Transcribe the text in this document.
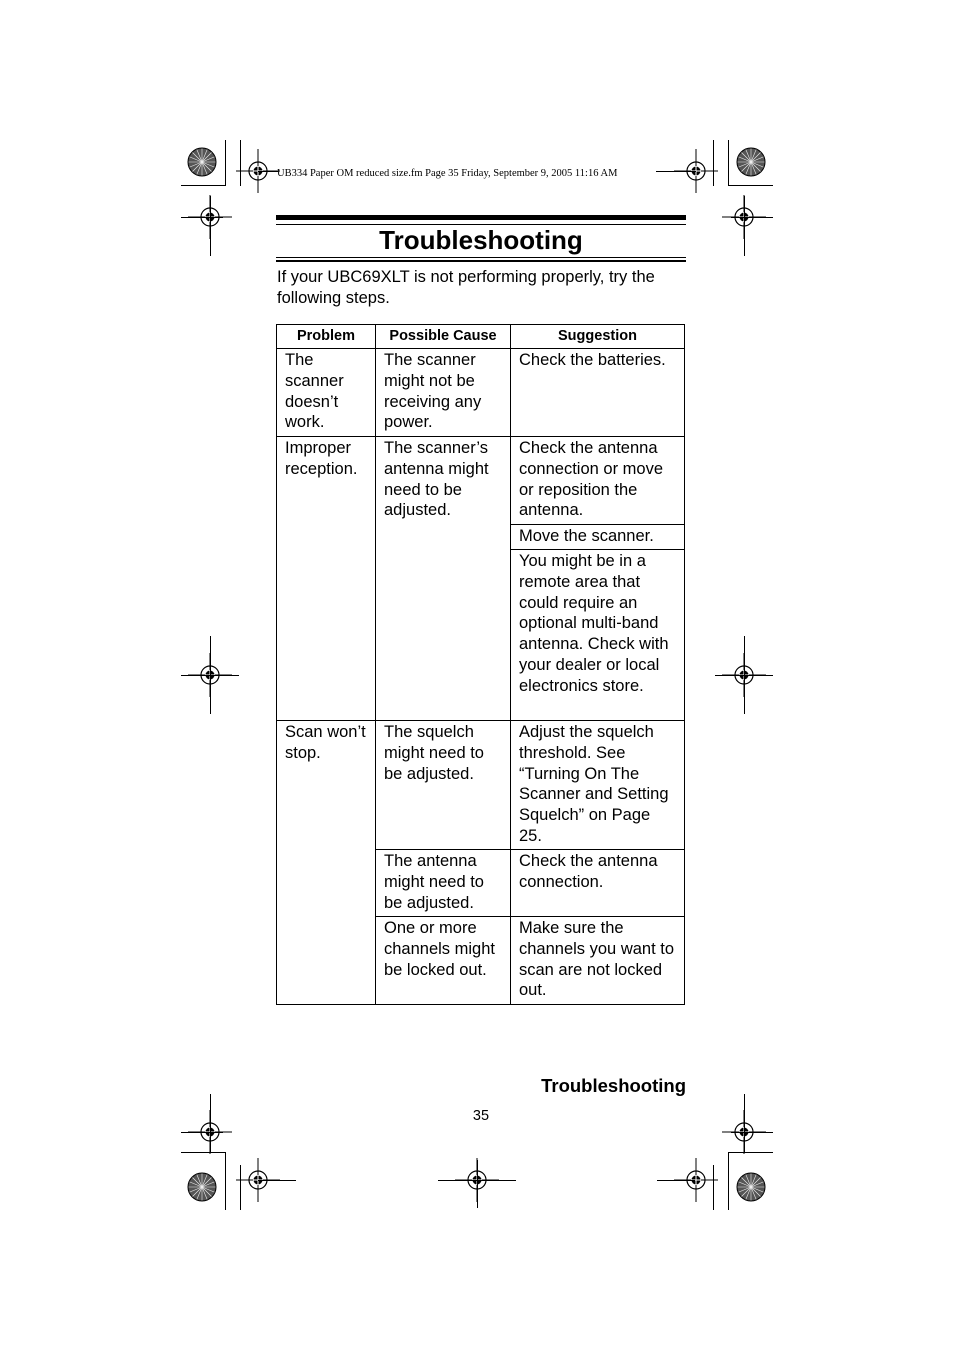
UB334 Paper OM reduced size.fm Page 35 Friday, September 9, 2005 11:16 AM
Troubleshooting

If your UBC69XLT is not performing properly, try the following steps.

Problem	Possible Cause	Suggestion
The scanner doesn’t work.	The scanner might not be receiving any power.	Check the batteries.
Improper reception.	The scanner’s antenna might need to be adjusted.	Check the antenna connection or move or reposition the antenna.
		Move the scanner.
		You might be in a remote area that could require an optional multi-band antenna. Check with your dealer or local electronics store.
Scan won’t stop.	The squelch might need to be adjusted.	Adjust the squelch threshold. See “Turning On The Scanner and Setting Squelch” on Page 25.
	The antenna might need to be adjusted.	Check the antenna connection.
	One or more channels might be locked out.	Make sure the channels you want to scan are not locked out.
Troubleshooting
35
